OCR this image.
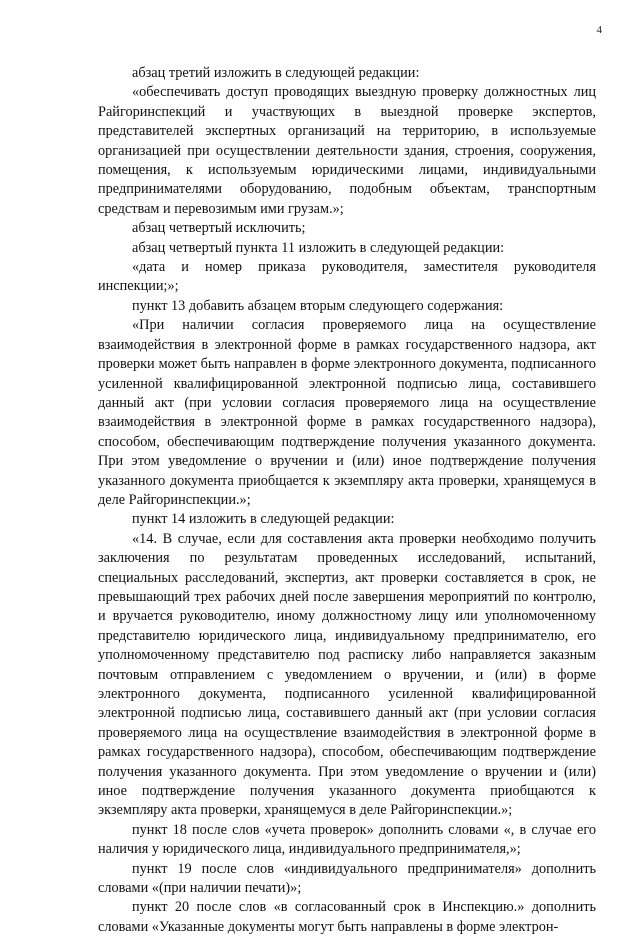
4

абзац третий изложить в следующей редакции:

«обеспечивать доступ проводящих выездную проверку должностных лиц Райгоринспекций и участвующих в выездной проверке экспертов, представителей экспертных организаций на территорию, в используемые организацией при осуществлении деятельности здания, строения, сооружения, помещения, к используемым юридическими лицами, индивидуальными предпринимателями оборудованию, подобным объектам, транспортным средствам и перевозимым ими грузам.»;

абзац четвертый исключить;

абзац четвертый пункта 11 изложить в следующей редакции:

«дата и номер приказа руководителя, заместителя руководителя инспекции;»;

пункт 13 добавить абзацем вторым следующего содержания:

«При наличии согласия проверяемого лица на осуществление взаимодействия в электронной форме в рамках государственного надзора, акт проверки может быть направлен в форме электронного документа, подписанного усиленной квалифицированной электронной подписью лица, составившего данный акт (при условии согласия проверяемого лица на осуществление взаимодействия в электронной форме в рамках государственного надзора), способом, обеспечивающим подтверждение получения указанного документа. При этом уведомление о вручении и (или) иное подтверждение получения указанного документа приобщается к экземпляру акта проверки, хранящемуся в деле Райгоринспекции.»;

пункт 14 изложить в следующей редакции:

«14. В случае, если для составления акта проверки необходимо получить заключения по результатам проведенных исследований, испытаний, специальных расследований, экспертиз, акт проверки составляется в срок, не превышающий трех рабочих дней после завершения мероприятий по контролю, и вручается руководителю, иному должностному лицу или уполномоченному представителю юридического лица, индивидуальному предпринимателю, его уполномоченному представителю под расписку либо направляется заказным почтовым отправлением с уведомлением о вручении, и (или) в форме электронного документа, подписанного усиленной квалифицированной электронной подписью лица, составившего данный акт (при условии согласия проверяемого лица на осуществление взаимодействия в электронной форме в рамках государственного надзора), способом, обеспечивающим подтверждение получения указанного документа. При этом уведомление о вручении и (или) иное подтверждение получения указанного документа приобщаются к экземпляру акта проверки, хранящемуся в деле Райгоринспекции.»;

пункт 18 после слов «учета проверок» дополнить словами «, в случае его наличия у юридического лица, индивидуального предпринимателя,»;

пункт 19 после слов «индивидуального предпринимателя» дополнить словами «(при наличии печати)»;

пункт 20 после слов «в согласованный срок в Инспекцию.» дополнить словами «Указанные документы могут быть направлены в форме электрон-
